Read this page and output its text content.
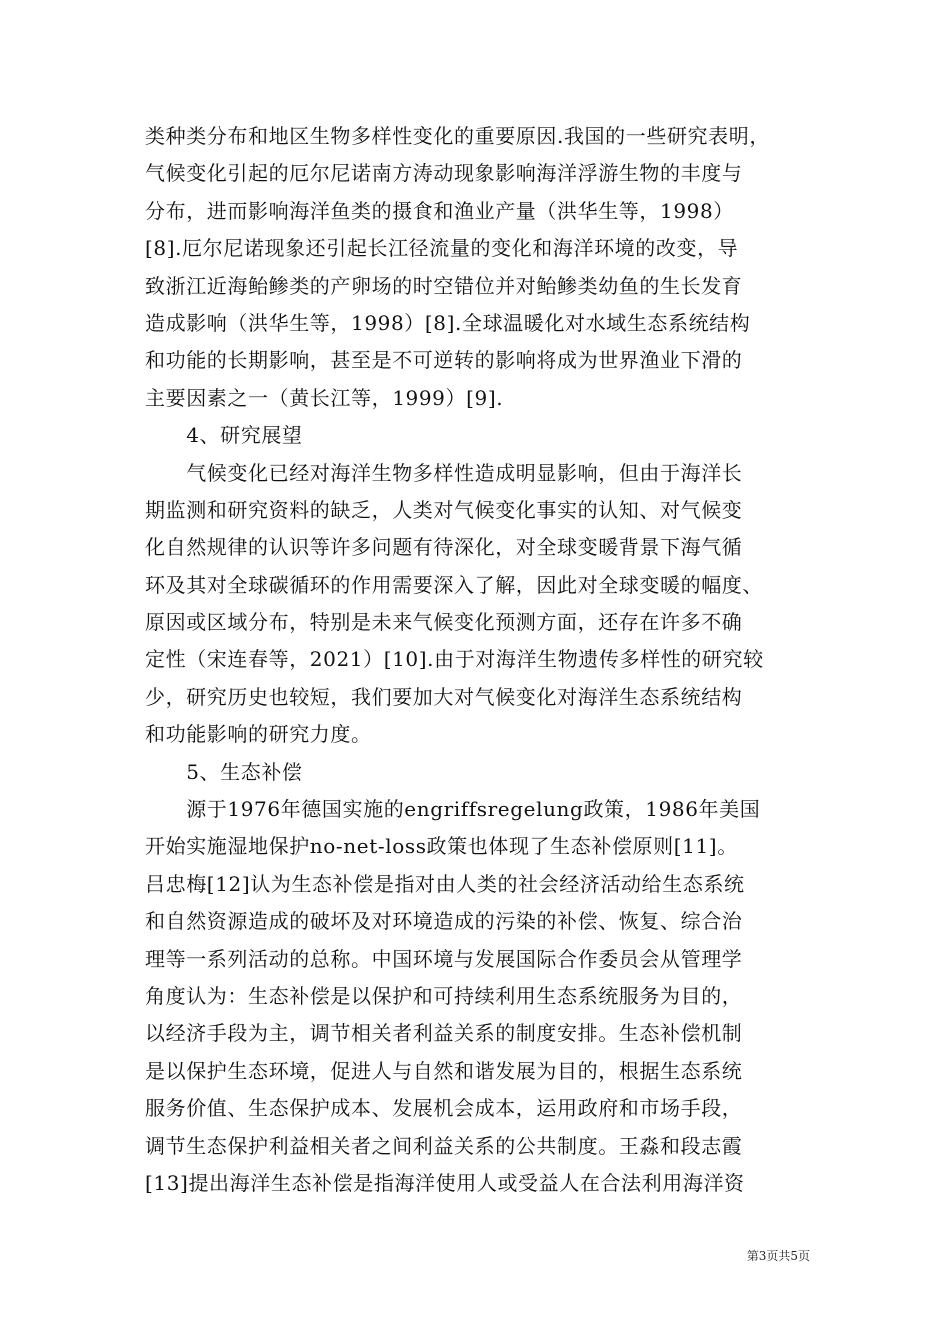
类种类分布和地区生物多样性变化的重要原因.我国的一些研究表明，
气候变化引起的厄尔尼诺南方涛动现象影响海洋浮游生物的丰度与
分布，进而影响海洋鱼类的摄食和渔业产量（洪华生等，1998）
[8].厄尔尼诺现象还引起长江径流量的变化和海洋环境的改变，导
致浙江近海鲐鲹类的产卵场的时空错位并对鲐鲹类幼鱼的生长发育
造成影响（洪华生等，1998）[8].全球温暖化对水域生态系统结构
和功能的长期影响，甚至是不可逆转的影响将成为世界渔业下滑的
主要因素之一（黄长江等，1999）[9].
　　4、研究展望
　　气候变化已经对海洋生物多样性造成明显影响，但由于海洋长
期监测和研究资料的缺乏，人类对气候变化事实的认知、对气候变
化自然规律的认识等许多问题有待深化，对全球变暖背景下海气循
环及其对全球碳循环的作用需要深入了解，因此对全球变暖的幅度、
原因或区域分布，特别是未来气候变化预测方面，还存在许多不确
定性（宋连春等，2021）[10].由于对海洋生物遗传多样性的研究较
少，研究历史也较短，我们要加大对气候变化对海洋生态系统结构
和功能影响的研究力度。
　　5、生态补偿
　　源于1976年德国实施的engriffsregelung政策，1986年美国
开始实施湿地保护no-net-loss政策也体现了生态补偿原则[11]。
吕忠梅[12]认为生态补偿是指对由人类的社会经济活动给生态系统
和自然资源造成的破坏及对环境造成的污染的补偿、恢复、综合治
理等一系列活动的总称。中国环境与发展国际合作委员会从管理学
角度认为：生态补偿是以保护和可持续利用生态系统服务为目的，
以经济手段为主，调节相关者利益关系的制度安排。生态补偿机制
是以保护生态环境，促进人与自然和谐发展为目的，根据生态系统
服务价值、生态保护成本、发展机会成本，运用政府和市场手段，
调节生态保护利益相关者之间利益关系的公共制度。王淼和段志霞
[13]提出海洋生态补偿是指海洋使用人或受益人在合法利用海洋资
第3页共5页
